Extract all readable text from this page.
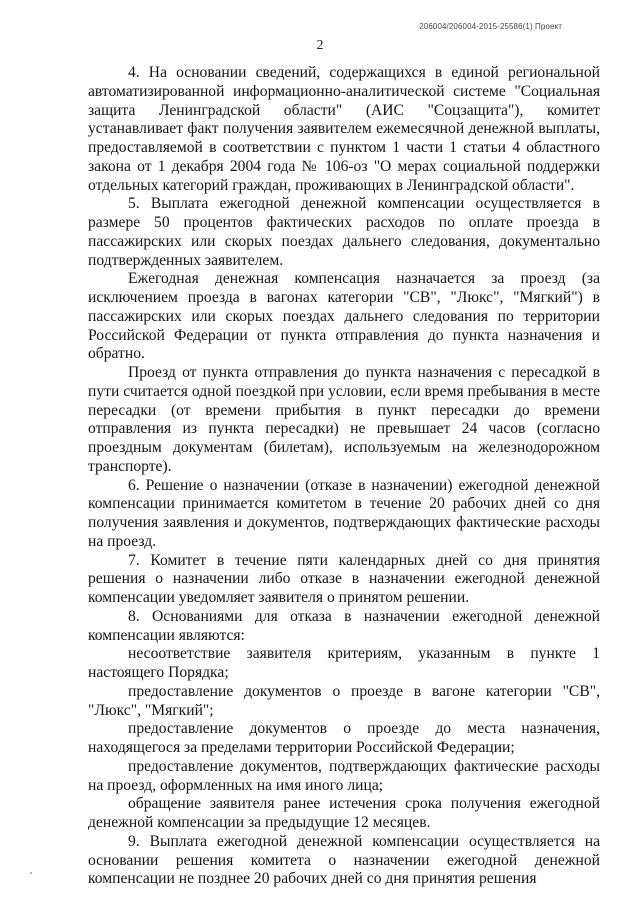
206004/206004-2015-25586(1) Проект
2

4. На основании сведений, содержащихся в единой региональной автоматизированной информационно-аналитической системе "Социальная защита Ленинградской области" (АИС "Соцзащита"), комитет устанавливает факт получения заявителем ежемесячной денежной выплаты, предоставляемой в соответствии с пунктом 1 части 1 статьи 4 областного закона от 1 декабря 2004 года № 106-оз "О мерах социальной поддержки отдельных категорий граждан, проживающих в Ленинградской области".

5. Выплата ежегодной денежной компенсации осуществляется в размере 50 процентов фактических расходов по оплате проезда в пассажирских или скорых поездах дальнего следования, документально подтвержденных заявителем.

Ежегодная денежная компенсация назначается за проезд (за исключением проезда в вагонах категории "СВ", "Люкс", "Мягкий") в пассажирских или скорых поездах дальнего следования по территории Российской Федерации от пункта отправления до пункта назначения и обратно.

Проезд от пункта отправления до пункта назначения с пересадкой в пути считается одной поездкой при условии, если время пребывания в месте пересадки (от времени прибытия в пункт пересадки до времени отправления из пункта пересадки) не превышает 24 часов (согласно проездным документам (билетам), используемым на железнодорожном транспорте).

6. Решение о назначении (отказе в назначении) ежегодной денежной компенсации принимается комитетом в течение 20 рабочих дней со дня получения заявления и документов, подтверждающих фактические расходы на проезд.

7. Комитет в течение пяти календарных дней со дня принятия решения о назначении либо отказе в назначении ежегодной денежной компенсации уведомляет заявителя о принятом решении.

8. Основаниями для отказа в назначении ежегодной денежной компенсации являются:

несоответствие заявителя критериям, указанным в пункте 1 настоящего Порядка;

предоставление документов о проезде в вагоне категории "СВ", "Люкс", "Мягкий";

предоставление документов о проезде до места назначения, находящегося за пределами территории Российской Федерации;

предоставление документов, подтверждающих фактические расходы на проезд, оформленных на имя иного лица;

обращение заявителя ранее истечения срока получения ежегодной денежной компенсации за предыдущие 12 месяцев.

9. Выплата ежегодной денежной компенсации осуществляется на основании решения комитета о назначении ежегодной денежной компенсации не позднее 20 рабочих дней со дня принятия решения
